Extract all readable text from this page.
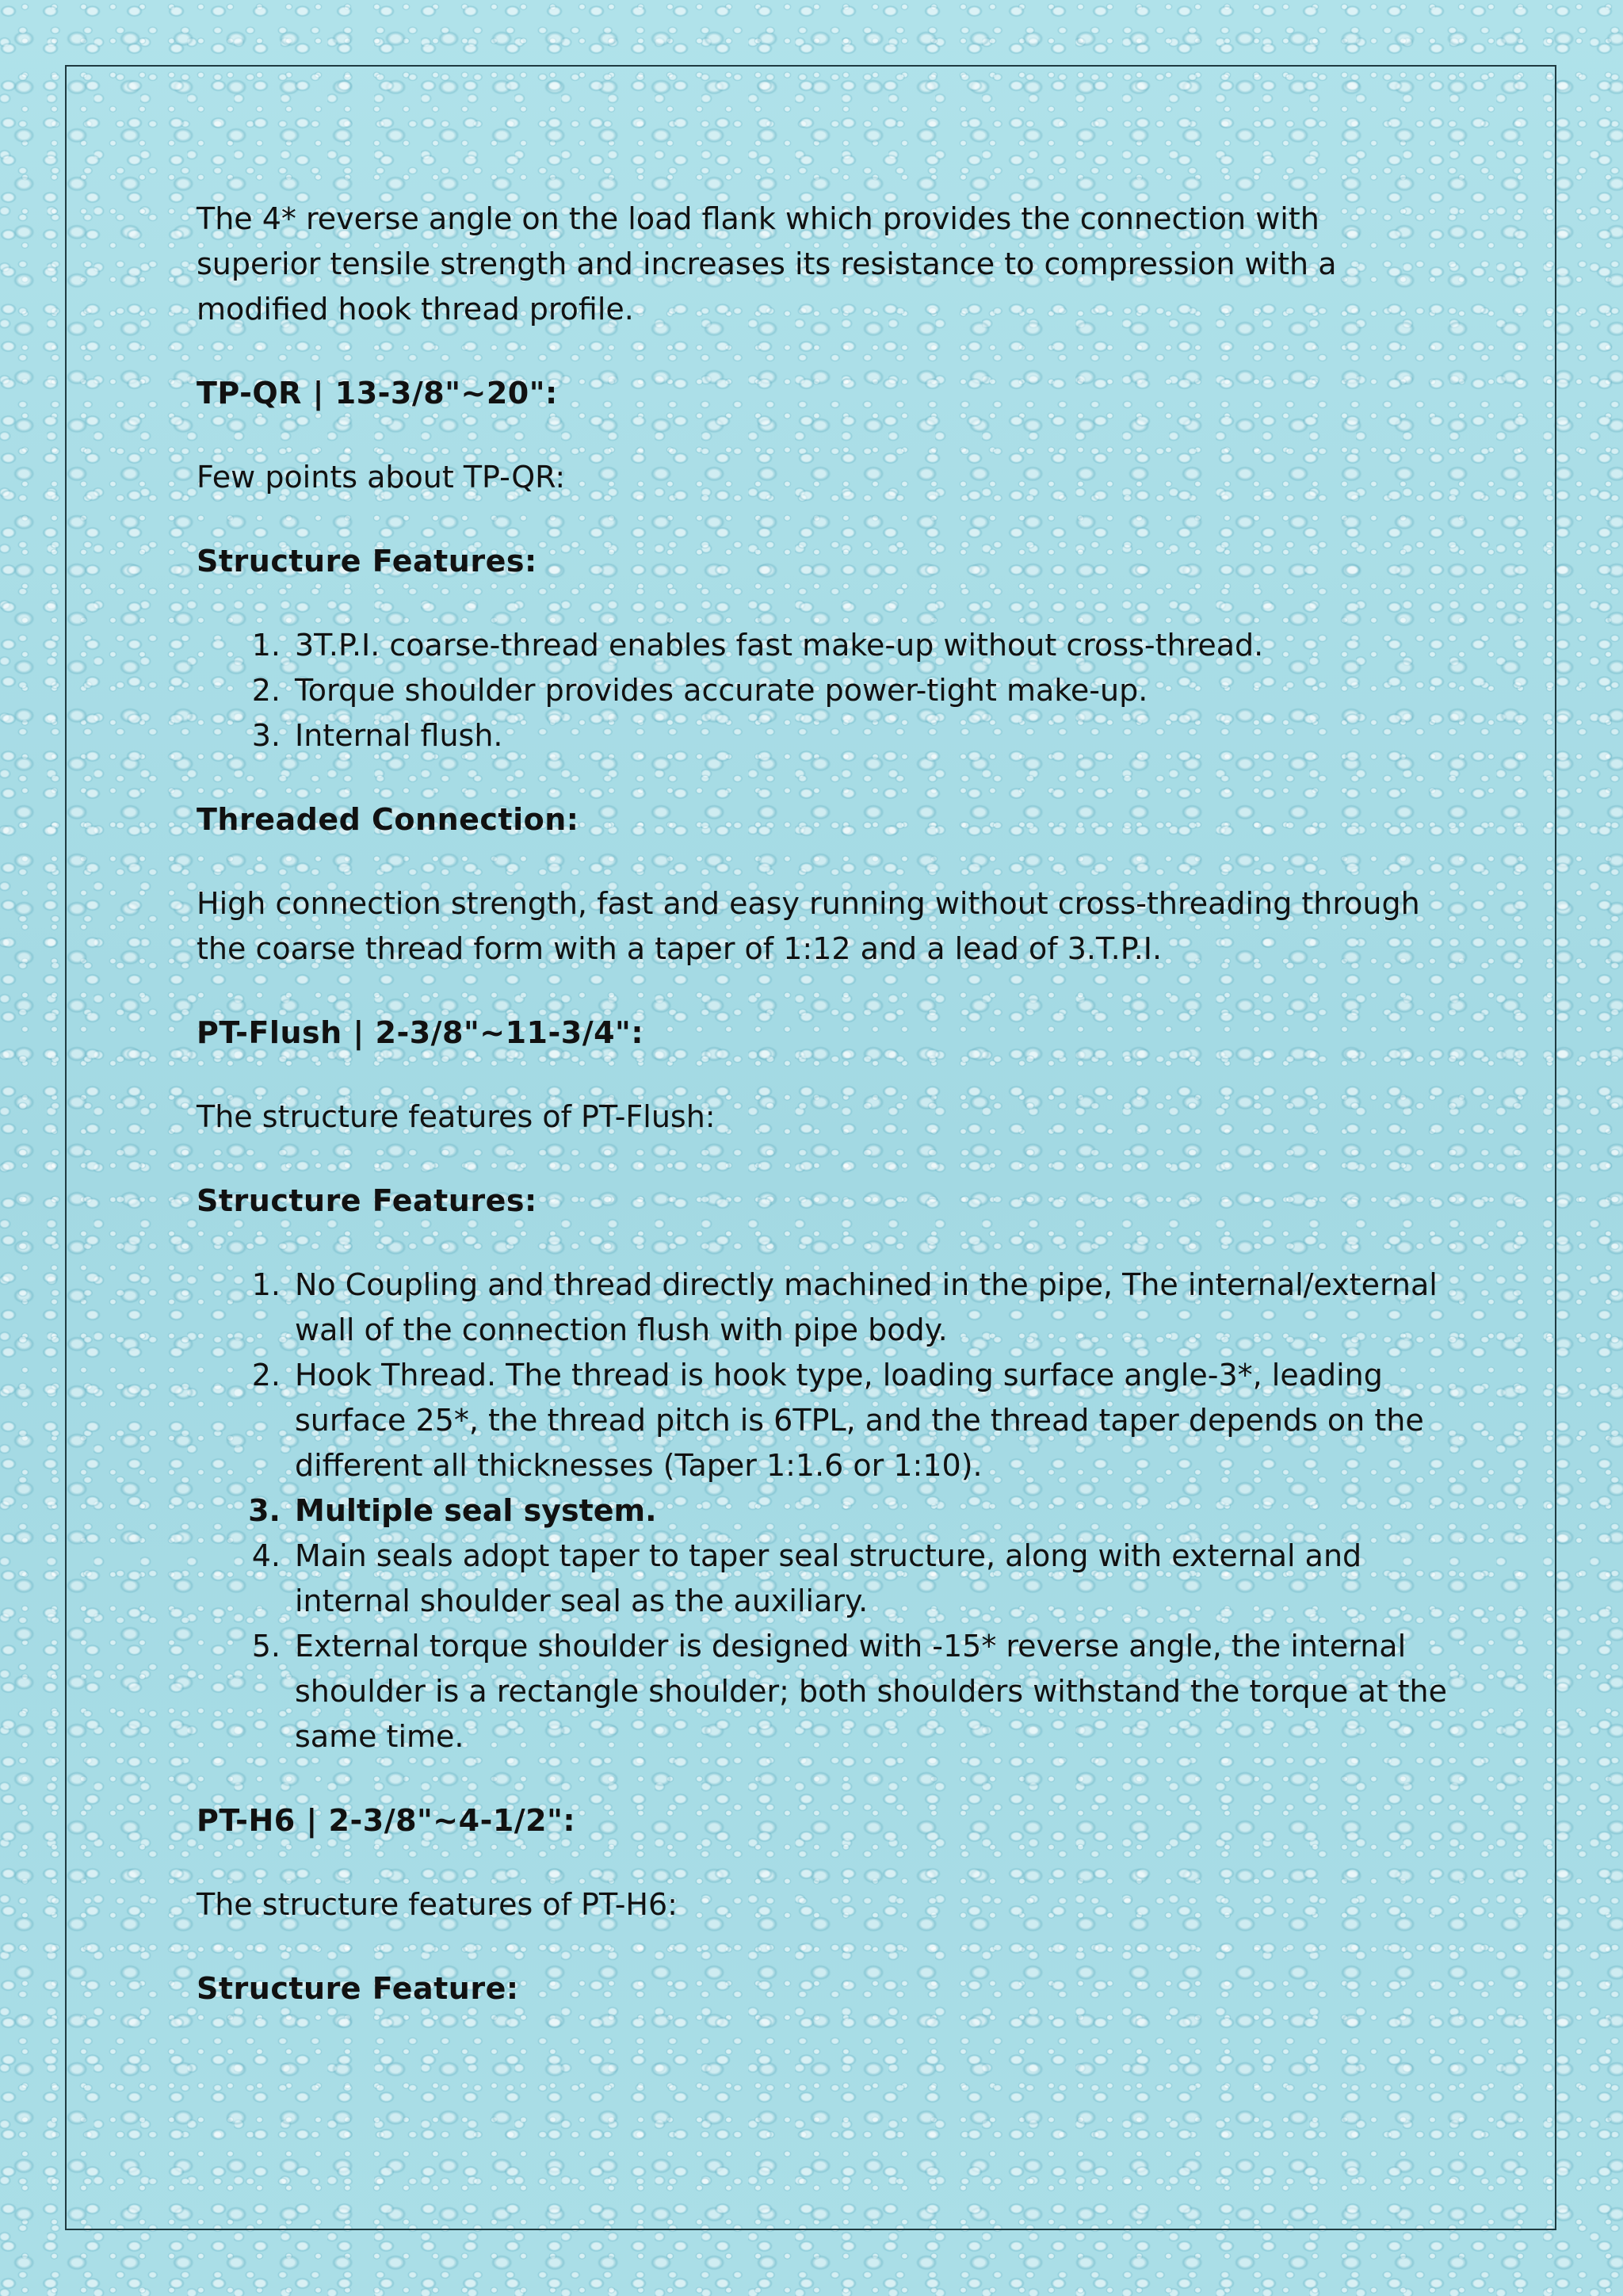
The 4* reverse angle on the load flank which provides the connection with superior tensile strength and increases its resistance to compression with a modified hook thread profile.

TP-QR | 13-3/8"~20":

Few points about TP-QR:

Structure Features:

1. 3T.P.I. coarse-thread enables fast make-up without cross-thread.
2. Torque shoulder provides accurate power-tight make-up.
3. Internal flush.

Threaded Connection:

High connection strength, fast and easy running without cross-threading through the coarse thread form with a taper of 1:12 and a lead of 3.T.P.I.

PT-Flush | 2-3/8"~11-3/4":

The structure features of PT-Flush:

Structure Features:

1. No Coupling and thread directly machined in the pipe, The internal/external wall of the connection flush with pipe body.
2. Hook Thread. The thread is hook type, loading surface angle-3*, leading surface 25*, the thread pitch is 6TPL, and the thread taper depends on the different all thicknesses (Taper 1:1.6 or 1:10).
3. Multiple seal system.
4. Main seals adopt taper to taper seal structure, along with external and internal shoulder seal as the auxiliary.
5. External torque shoulder is designed with -15* reverse angle, the internal shoulder is a rectangle shoulder; both shoulders withstand the torque at the same time.

PT-H6 | 2-3/8"~4-1/2":

The structure features of PT-H6:

Structure Feature:
